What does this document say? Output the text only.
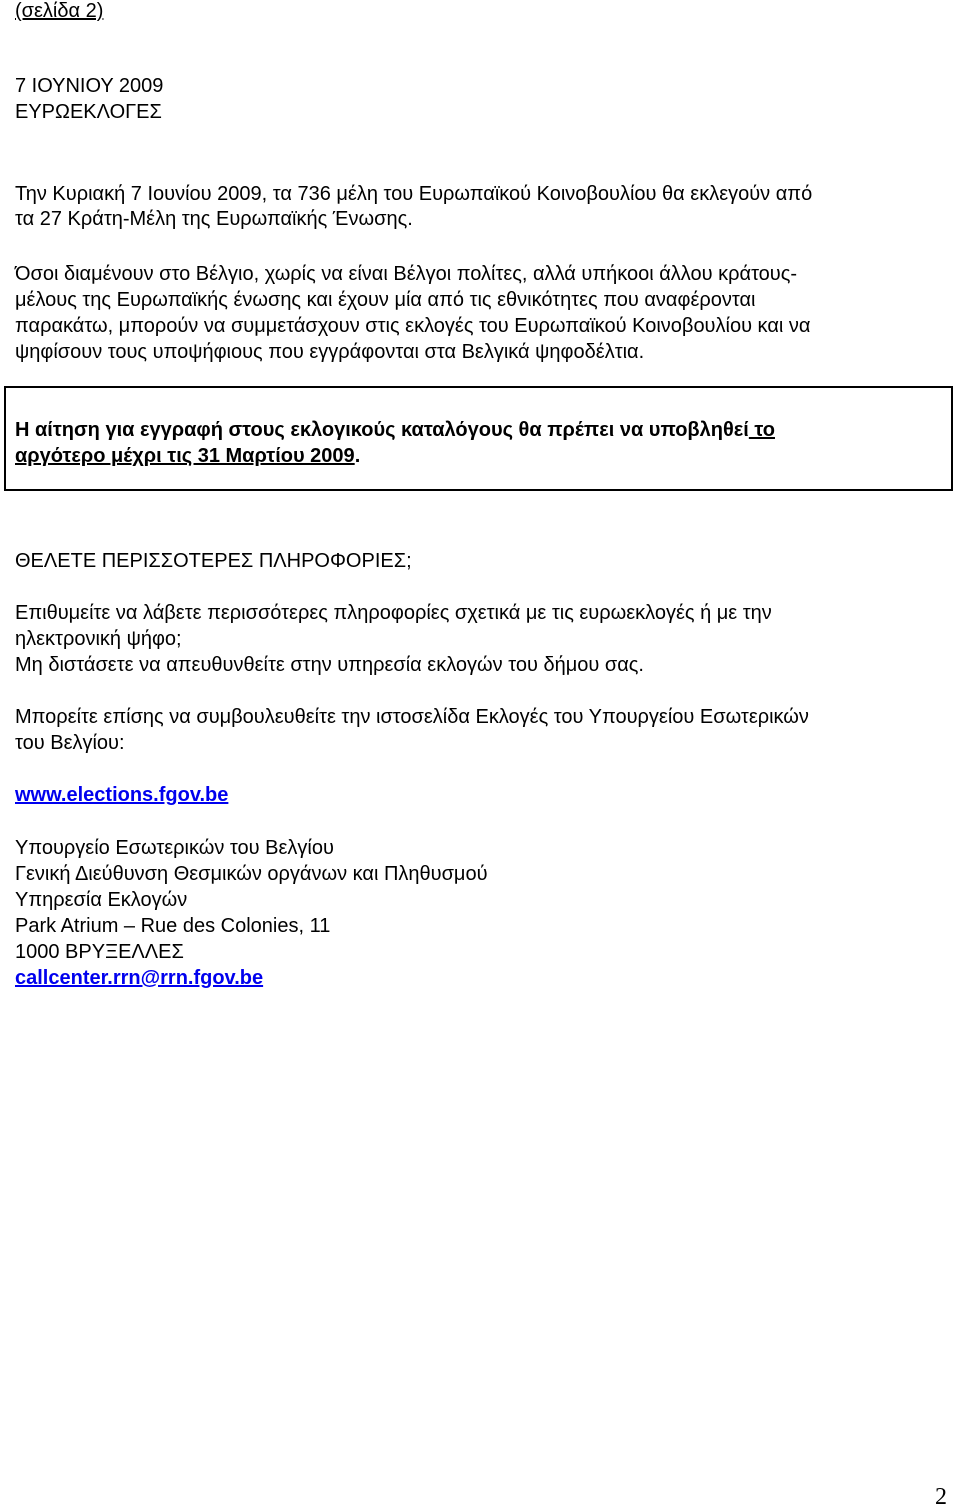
(σελίδα 2)
7 ΙΟΥΝΙΟΥ 2009
ΕΥΡΩΕΚΛΟΓΕΣ
Την Κυριακή 7 Ιουνίου 2009, τα 736 μέλη του Ευρωπαϊκού Κοινοβουλίου θα εκλεγούν από
τα 27 Κράτη-Μέλη της Ευρωπαϊκής Ένωσης.
Όσοι διαμένουν στο Βέλγιο, χωρίς να είναι Βέλγοι πολίτες, αλλά υπήκοοι άλλου κράτους-
μέλους της Ευρωπαϊκής ένωσης και έχουν μία από τις εθνικότητες που αναφέρονται
παρακάτω, μπορούν να συμμετάσχουν στις εκλογές του Ευρωπαϊκού Κοινοβουλίου και να
ψηφίσουν τους υποψήφιους που εγγράφονται στα Βελγικά ψηφοδέλτια.
Η αίτηση για εγγραφή στους εκλογικούς καταλόγους θα πρέπει να υποβληθεί το
αργότερο μέχρι τις 31 Μαρτίου 2009.
ΘΕΛΕΤΕ ΠΕΡΙΣΣΟΤΕΡΕΣ ΠΛΗΡΟΦΟΡΙΕΣ;
Επιθυμείτε να λάβετε περισσότερες πληροφορίες σχετικά με τις ευρωεκλογές ή με την
ηλεκτρονική ψήφο;
Μη διστάσετε να απευθυνθείτε στην υπηρεσία εκλογών του δήμου σας.
Μπορείτε επίσης να συμβουλευθείτε την ιστοσελίδα Εκλογές του Υπουργείου Εσωτερικών
του Βελγίου:
www.elections.fgov.be
Υπουργείο Εσωτερικών του Βελγίου
Γενική Διεύθυνση Θεσμικών οργάνων και Πληθυσμού
Υπηρεσία Εκλογών
Park Atrium – Rue des Colonies, 11
1000 ΒΡΥΞΕΛΛΕΣ
callcenter.rrn@rrn.fgov.be
2
